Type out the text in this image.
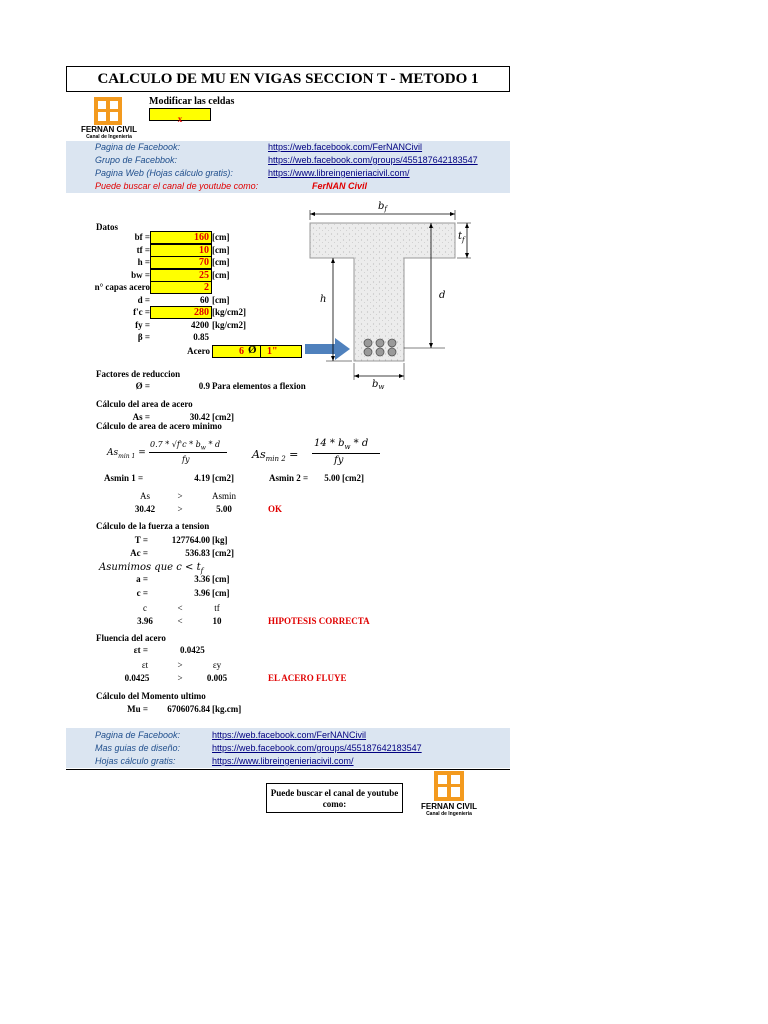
CALCULO DE MU EN VIGAS SECCION T - METODO 1
FERNAN CIVIL
Canal de Ingenieria
Modificar las celdas
x
Pagina de Facebook:	https://web.facebook.com/FerNANCivil
Grupo de Facebbok:	https://web.facebook.com/groups/455187642183547
Pagina Web (Hojas cálculo gratis):	https://www.libreingenieriacivil.com/
Puede buscar el canal de youtube como:	FerNAN Civil
Datos
bf =	160 [cm]
tf =	10 [cm]
h =	70 [cm]
bw =	25 [cm]
n° capas acero	2
d =	60 [cm]
f'c =	280 [kg/cm2]
fy =	4200 [kg/cm2]
β =	0.85
Acero	6 Ø 1"
$b_f$
h	d
$b_w$
$t_f$
Factores de reduccion
Ø =	0.9 Para elementos a flexion
Cálculo del area de acero
As =	30.42 [cm2]
Cálculo de area de acero minimo
$As_{min 1}$ =
$0.7 * √f'c * b_w$ * d
fy	$As_{min 2}$ =
$14 * b_w$ * d
fy
Asmin 1 =	4.19 [cm2]	Asmin 2 =	5.00 [cm2]
As	>	Asmin
30.42	>	5.00	OK
Cálculo de la fuerza a tension
T =	127764.00 [kg]
Ac =	536.83 [cm2]
Asumimos que $c < t_f$
a =	3.36 [cm]
c =	3.96 [cm]
c	<	tf
3.96	<	10	HIPOTESIS CORRECTA
Fluencia del acero
εt =	0.0425
εt	>	εy
0.0425	>	0.005	EL ACERO FLUYE
Cálculo del Momento ultimo
Mu =	6706076.84 [kg.cm]
Pagina de Facebook:	https://web.facebook.com/FerNANCivil
Mas guias de diseño:	https://web.facebook.com/groups/455187642183547
Hojas cálculo gratis:	https://www.libreingenieriacivil.com/
Puede buscar el canal de youtube como:	FERNAN CIVIL
Canal de Ingenieria
